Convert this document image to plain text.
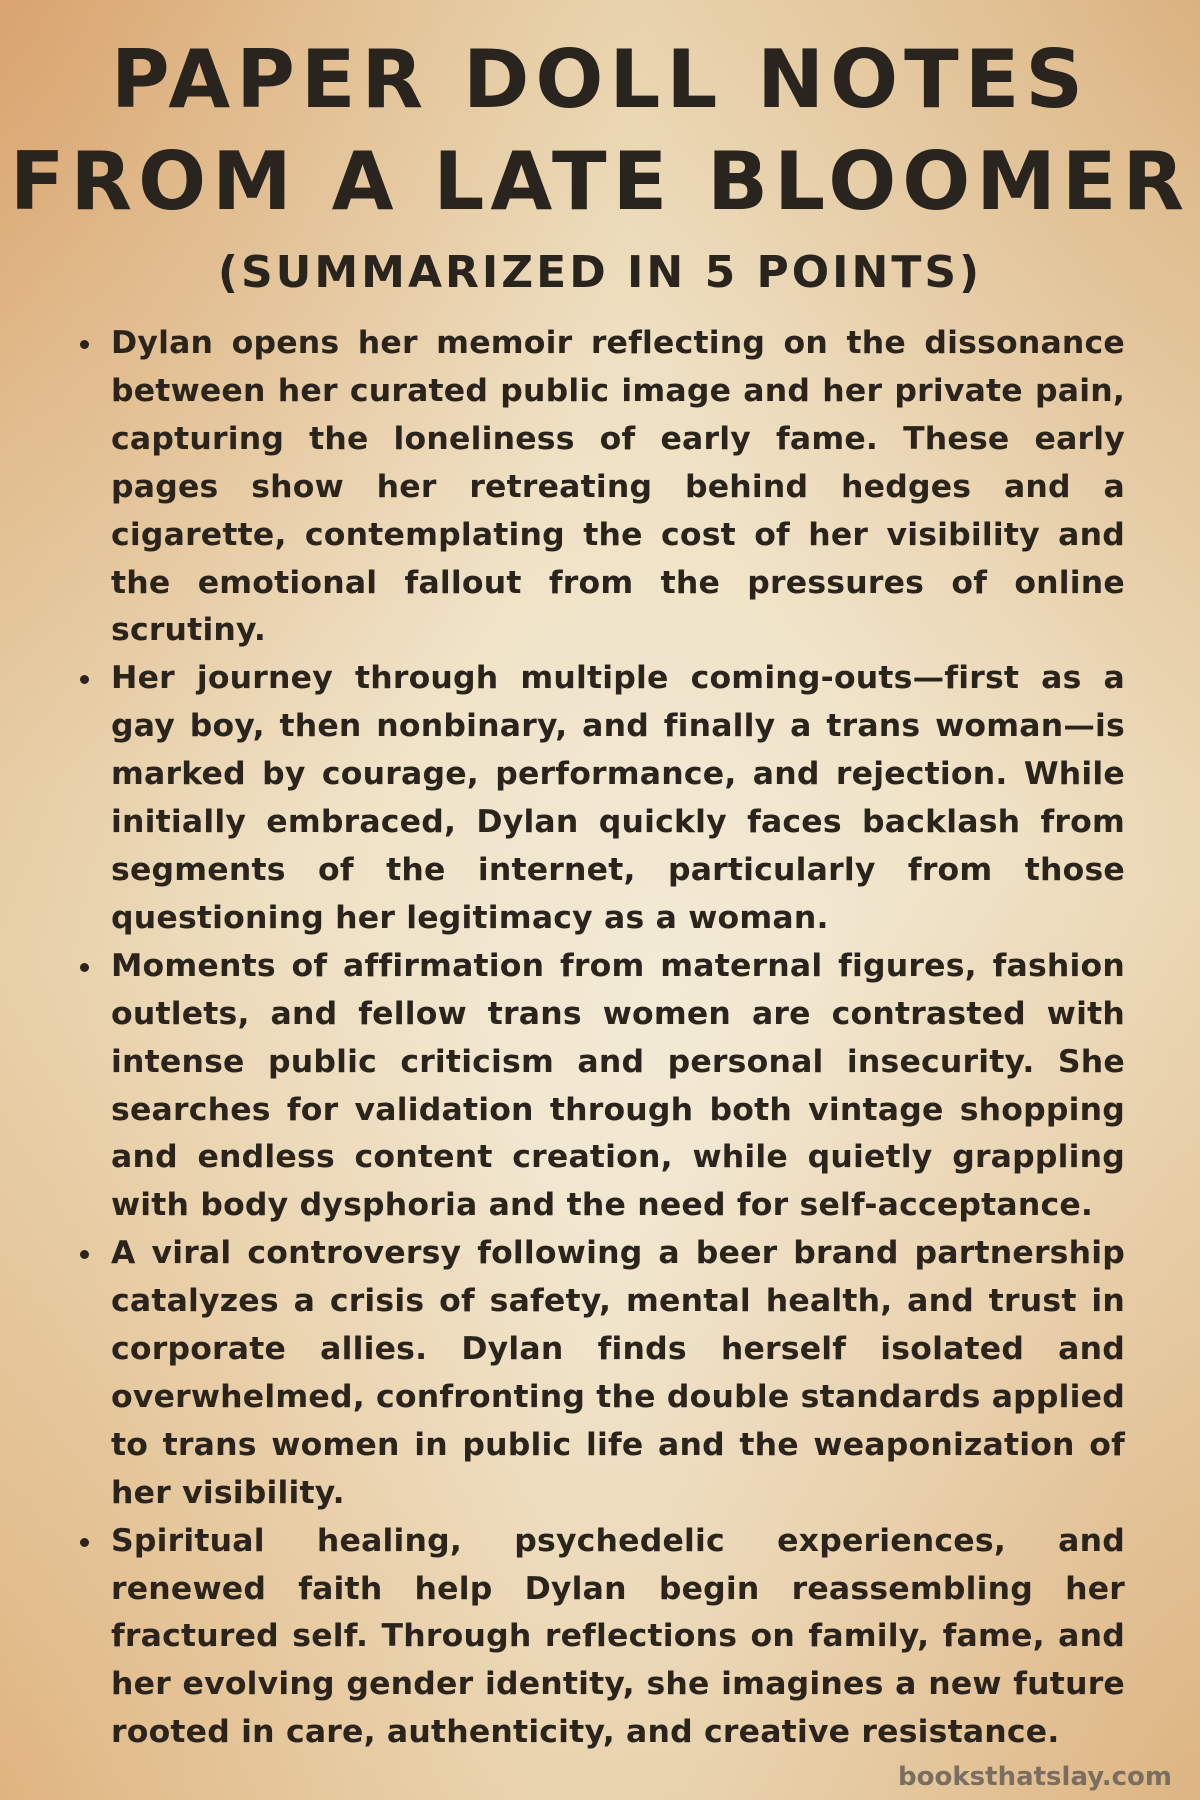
PAPER DOLL NOTES
FROM A LATE BLOOMER
(SUMMARIZED IN 5 POINTS)
Dylan opens her memoir reflecting on the dissonance between her curated public image and her private pain, capturing the loneliness of early fame. These early pages show her retreating behind hedges and a cigarette, contemplating the cost of her visibility and the emotional fallout from the pressures of online scrutiny.
Her journey through multiple coming-outs—first as a gay boy, then nonbinary, and finally a trans woman—is marked by courage, performance, and rejection. While initially embraced, Dylan quickly faces backlash from segments of the internet, particularly from those questioning her legitimacy as a woman.
Moments of affirmation from maternal figures, fashion outlets, and fellow trans women are contrasted with intense public criticism and personal insecurity. She searches for validation through both vintage shopping and endless content creation, while quietly grappling with body dysphoria and the need for self-acceptance.
A viral controversy following a beer brand partnership catalyzes a crisis of safety, mental health, and trust in corporate allies. Dylan finds herself isolated and overwhelmed, confronting the double standards applied to trans women in public life and the weaponization of her visibility.
Spiritual healing, psychedelic experiences, and renewed faith help Dylan begin reassembling her fractured self. Through reflections on family, fame, and her evolving gender identity, she imagines a new future rooted in care, authenticity, and creative resistance.
booksthatslay.com
